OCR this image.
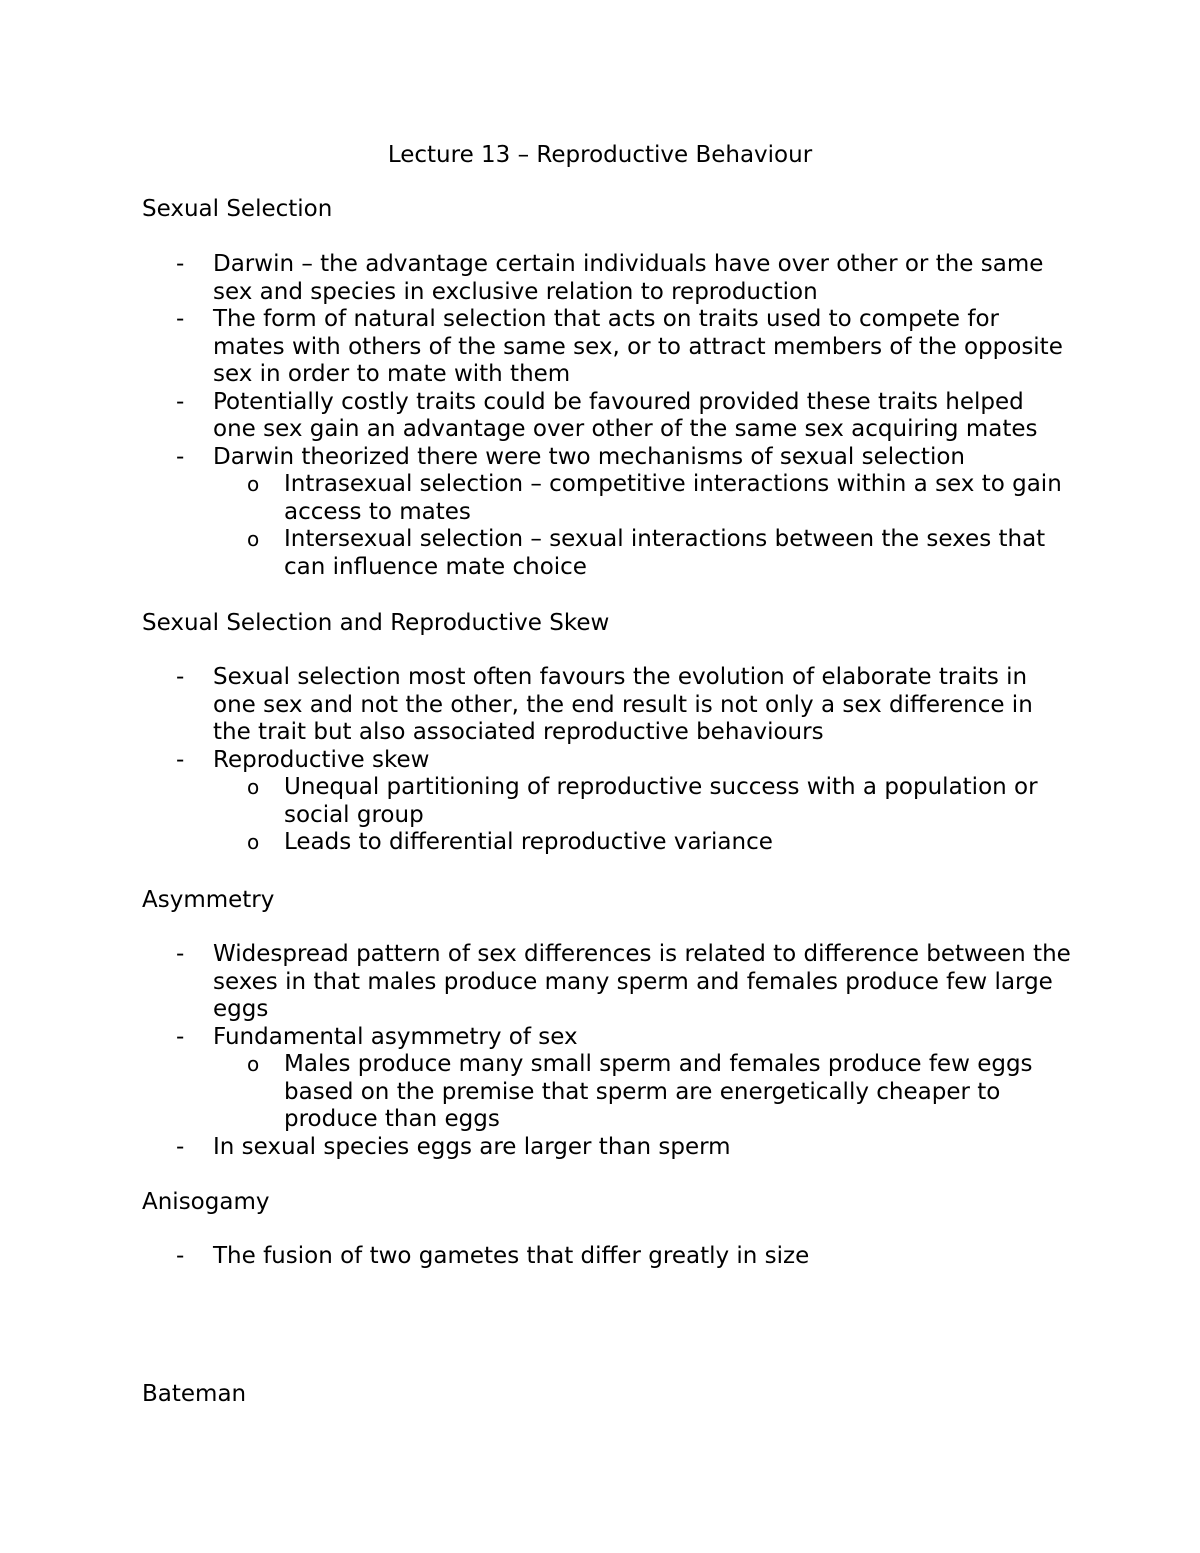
Lecture 13 – Reproductive Behaviour
Sexual Selection
-	Darwin – the advantage certain individuals have over other or the same sex and species in exclusive relation to reproduction
-	The form of natural selection that acts on traits used to compete for mates with others of the same sex, or to attract members of the opposite sex in order to mate with them
-	Potentially costly traits could be favoured provided these traits helped one sex gain an advantage over other of the same sex acquiring mates
-	Darwin theorized there were two mechanisms of sexual selection
o	Intrasexual selection – competitive interactions within a sex to gain access to mates
o	Intersexual selection – sexual interactions between the sexes that can influence mate choice
Sexual Selection and Reproductive Skew
-	Sexual selection most often favours the evolution of elaborate traits in one sex and not the other, the end result is not only a sex difference in the trait but also associated reproductive behaviours
-	Reproductive skew
o	Unequal partitioning of reproductive success with a population or social group
o	Leads to differential reproductive variance
Asymmetry
-	Widespread pattern of sex differences is related to difference between the sexes in that males produce many sperm and females produce few large eggs
-	Fundamental asymmetry of sex
o	Males produce many small sperm and females produce few eggs based on the premise that sperm are energetically cheaper to produce than eggs
-	In sexual species eggs are larger than sperm
Anisogamy
-	The fusion of two gametes that differ greatly in size
Bateman
